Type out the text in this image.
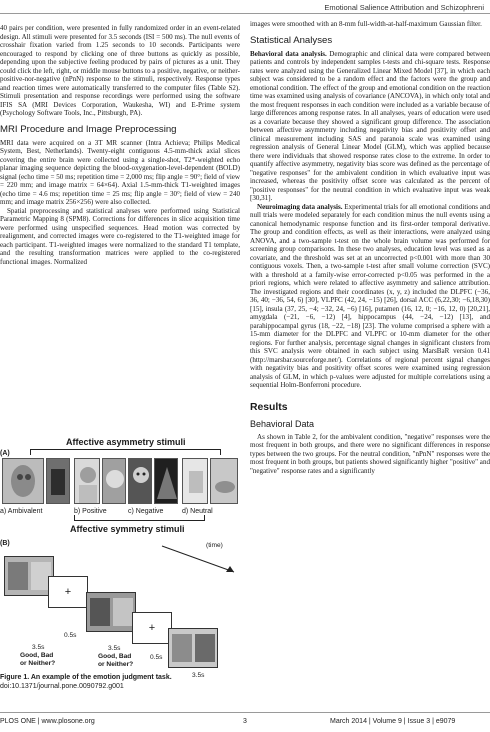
Emotional Salience Attribution and Schizophreni

40 pairs per condition, were presented in fully randomized order in an event-related design. All stimuli were presented for 3.5 seconds (ISI = 500 ms). The null events of crosshair fixation varied from 1.25 seconds to 10 seconds. Participants were encouraged to respond by clicking one of three buttons as quickly as possible, depending upon the subjective feeling produced by pairs of pictures as a unit. They could click the left, right, or middle mouse buttons to a positive, negative, or neither-positive-nor-negative (nPnN) response to the stimuli, respectively. Response types and reaction times were automatically transferred to the computer files (Table S2). Stimuli presentation and response recordings were performed using the software IFIS SA (MRI Devices Corporation, Waukesha, WI) and E-Prime system (Psychology Software Tools, Inc., Pittsburgh, PA).

MRI Procedure and Image Preprocessing

MRI data were acquired on a 3T MR scanner (Intra Achieva; Philips Medical System, Best, Netherlands). Twenty-eight contiguous 4.5-mm-thick axial slices covering the entire brain were collected using a single-shot, T2*-weighted echo planar imaging sequence depicting the blood-oxygenation-level-dependent (BOLD) signal (echo time = 50 ms; repetition time = 2,000 ms; flip angle = 90°; field of view = 220 mm; and image matrix = 64×64). Axial 1.5-mm-thick T1-weighted images (echo time = 4.6 ms; repetition time = 25 ms; flip angle = 30°; field of view = 240 mm; and image matrix 256×256) were also collected.

Spatial preprocessing and statistical analyses were performed using Statistical Parametric Mapping 8 (SPM8). Corrections for differences in slice acquisition time were performed using unspecified sequences. Head motion was corrected by realignment, and corrected images were co-registered to the T1-weighted image for each participant. T1-weighted images were normalized to the standard T1 template, and the resulting transformation matrices were applied to the co-registered functional images. Normalized

(A)
Affective asymmetry stimuli
a) Ambivalent	b) Positive	c) Negative	d) Neutral
Affective symmetry stimuli
(B)
+
+
3.5s
Good, Bad
or Neither?
0.5s
3.5s
Good, Bad
or Neither?
0.5s
3.5s
(time)
Figure 1. An example of the emotion judgment task.
doi:10.1371/journal.pone.0090792.g001

images were smoothed with an 8-mm full-width-at-half-maximum Gaussian filter.

Statistical Analyses

Behavioral data analysis. Demographic and clinical data were compared between patients and controls by independent samples t-tests and chi-square tests. Response rates were analyzed using the Generalized Linear Mixed Model [37], in which each subject was considered to be a random effect and the factors were the group and emotional condition. The effect of the group and emotional condition on the reaction time was examined using analysis of covariance (ANCOVA), in which only total and the most frequent responses in each condition were included as a variable because of large differences among response rates. In all analyses, years of education were used as a covariate because they showed a significant group difference. The association between affective asymmetry including negativity bias and positivity offset and clinical measurement including SAS and paranoia scale was examined using regression analysis of General Linear Model (GLM), which was applied because there were individuals that showed response rates close to the extreme. In order to quantify affective asymmetry, negativity bias score was defined as the percentage of "negative responses" for the ambivalent condition in which evaluative input was increased, whereas the positivity offset score was calculated as the percent of "positive responses" for the neutral condition in which evaluative input was weak [30,31].

Neuroimaging data analysis. Experimental trials for all emotional conditions and null trials were modeled separately for each condition minus the null events using a canonical hemodynamic response function and its first-order temporal derivative. The group and condition effects, as well as their interactions, were analyzed using ANOVA, and a two-sample t-test on the whole brain volume was performed for screening group comparisons. In these two analyses, education level was used as a covariate, and the threshold was set at an uncorrected p<0.001 with more than 30 contiguous voxels. Then, a two-sample t-test after small volume correction (SVC) with a threshold at a family-wise error-corrected p<0.05 was performed in the a priori regions, which were related to affective asymmetry and salience attribution. The investigated regions and their coordinates (x, y, z) included the DLPFC (−36, 36, 40; −36, 54, 6) [30], VLPFC (42, 24, −15) [26], dorsal ACC (6,22,30; −6,18,30) [15], insula (37, 25, −4; −32, 24, −6) [16], putamen (16, 12, 0; −16, 12, 0) [20,21], amygdala (−21, −6, −12) [4], hippocampus (44, −24, −12) [13], and parahippocampal gyrus (18, −22, −18) [23]. The volume comprised a sphere with a 15-mm diameter for the DLPFC and VLPFC or 10-mm diameter for the other regions. For further analysis, percentage signal changes in significant clusters from this SVC analysis were obtained in each subject using MarsBaR version 0.41 (http://marsbar.sourceforge.net/). Correlations of regional percent signal changes with negativity bias and positivity offset scores were examined using regression analysis of GLM, in which p-values were adjusted for multiple correlations using a sequential Holm-Bonferroni procedure.

Results
Behavioral Data

As shown in Table 2, for the ambivalent condition, "negative" responses were the most frequent in both groups, and there were no significant differences in response types between the two groups. For the neutral condition, "nPnN" responses were the most frequent in both groups, but patients showed significantly higher "positive" and "negative" response rates and a significantly

PLOS ONE | www.plosone.org	3	March 2014 | Volume 9 | Issue 3 | e9079
